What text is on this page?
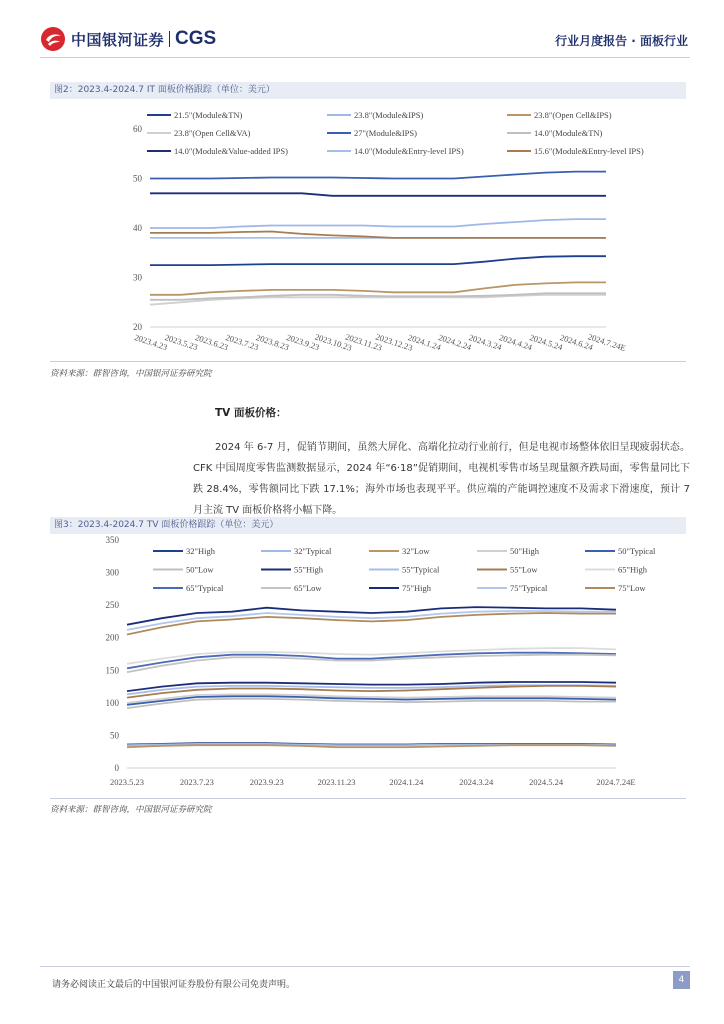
中国银河证券 CGS	行业月度报告 · 面板行业
图2：2023.4-2024.7 IT 面板价格跟踪（单位：美元）
20
30
40
50
60
2023.4.23
2023.5.23
2023.6.23
2023.7.23
2023.8.23
2023.9.23
2023.10.23
2023.11.23
2023.12.23
2024.1.24
2024.2.24
2024.3.24
2024.4.24
2024.5.24
2024.6.24
2024.7.24E
21.5"(Module&TN)	23.8"(Module&IPS)	23.8"(Open Cell&IPS)
23.8"(Open Cell&VA)	27"(Module&IPS)	14.0"(Module&TN)
14.0"(Module&Value-added IPS)	14.0"(Module&Entry-level IPS)	15.6"(Module&Entry-level IPS)
资料来源：群智咨询，中国银河证券研究院
TV 面板价格：
2024 年 6-7 月，促销节期间，虽然大屏化、高端化拉动行业前行，但是电视市场整体依旧呈现疲弱状态。CFK 中国周度零售监测数据显示，2024 年“6·18”促销期间，电视机零售市场呈现量额齐跌局面，零售量同比下跌 28.4%，零售额同比下跌 17.1%；海外市场也表现平平。供应端的产能调控速度不及需求下滑速度，预计 7 月主流 TV 面板价格将小幅下降。
图3：2023.4-2024.7 TV 面板价格跟踪（单位：美元）
0
50
100
150
200
250
300
350
2023.5.23	2023.7.23	2023.9.23	2023.11.23	2024.1.24	2024.3.24	2024.5.24	2024.7.24E
32"High	32"Typical	32"Low	50"High	50"Typical
50"Low	55"High	55"Typical	55"Low	65"High
65"Typical	65"Low	75"High	75"Typical	75"Low
资料来源：群智咨询，中国银河证券研究院
请务必阅读正文最后的中国银河证券股份有限公司免责声明。	4
